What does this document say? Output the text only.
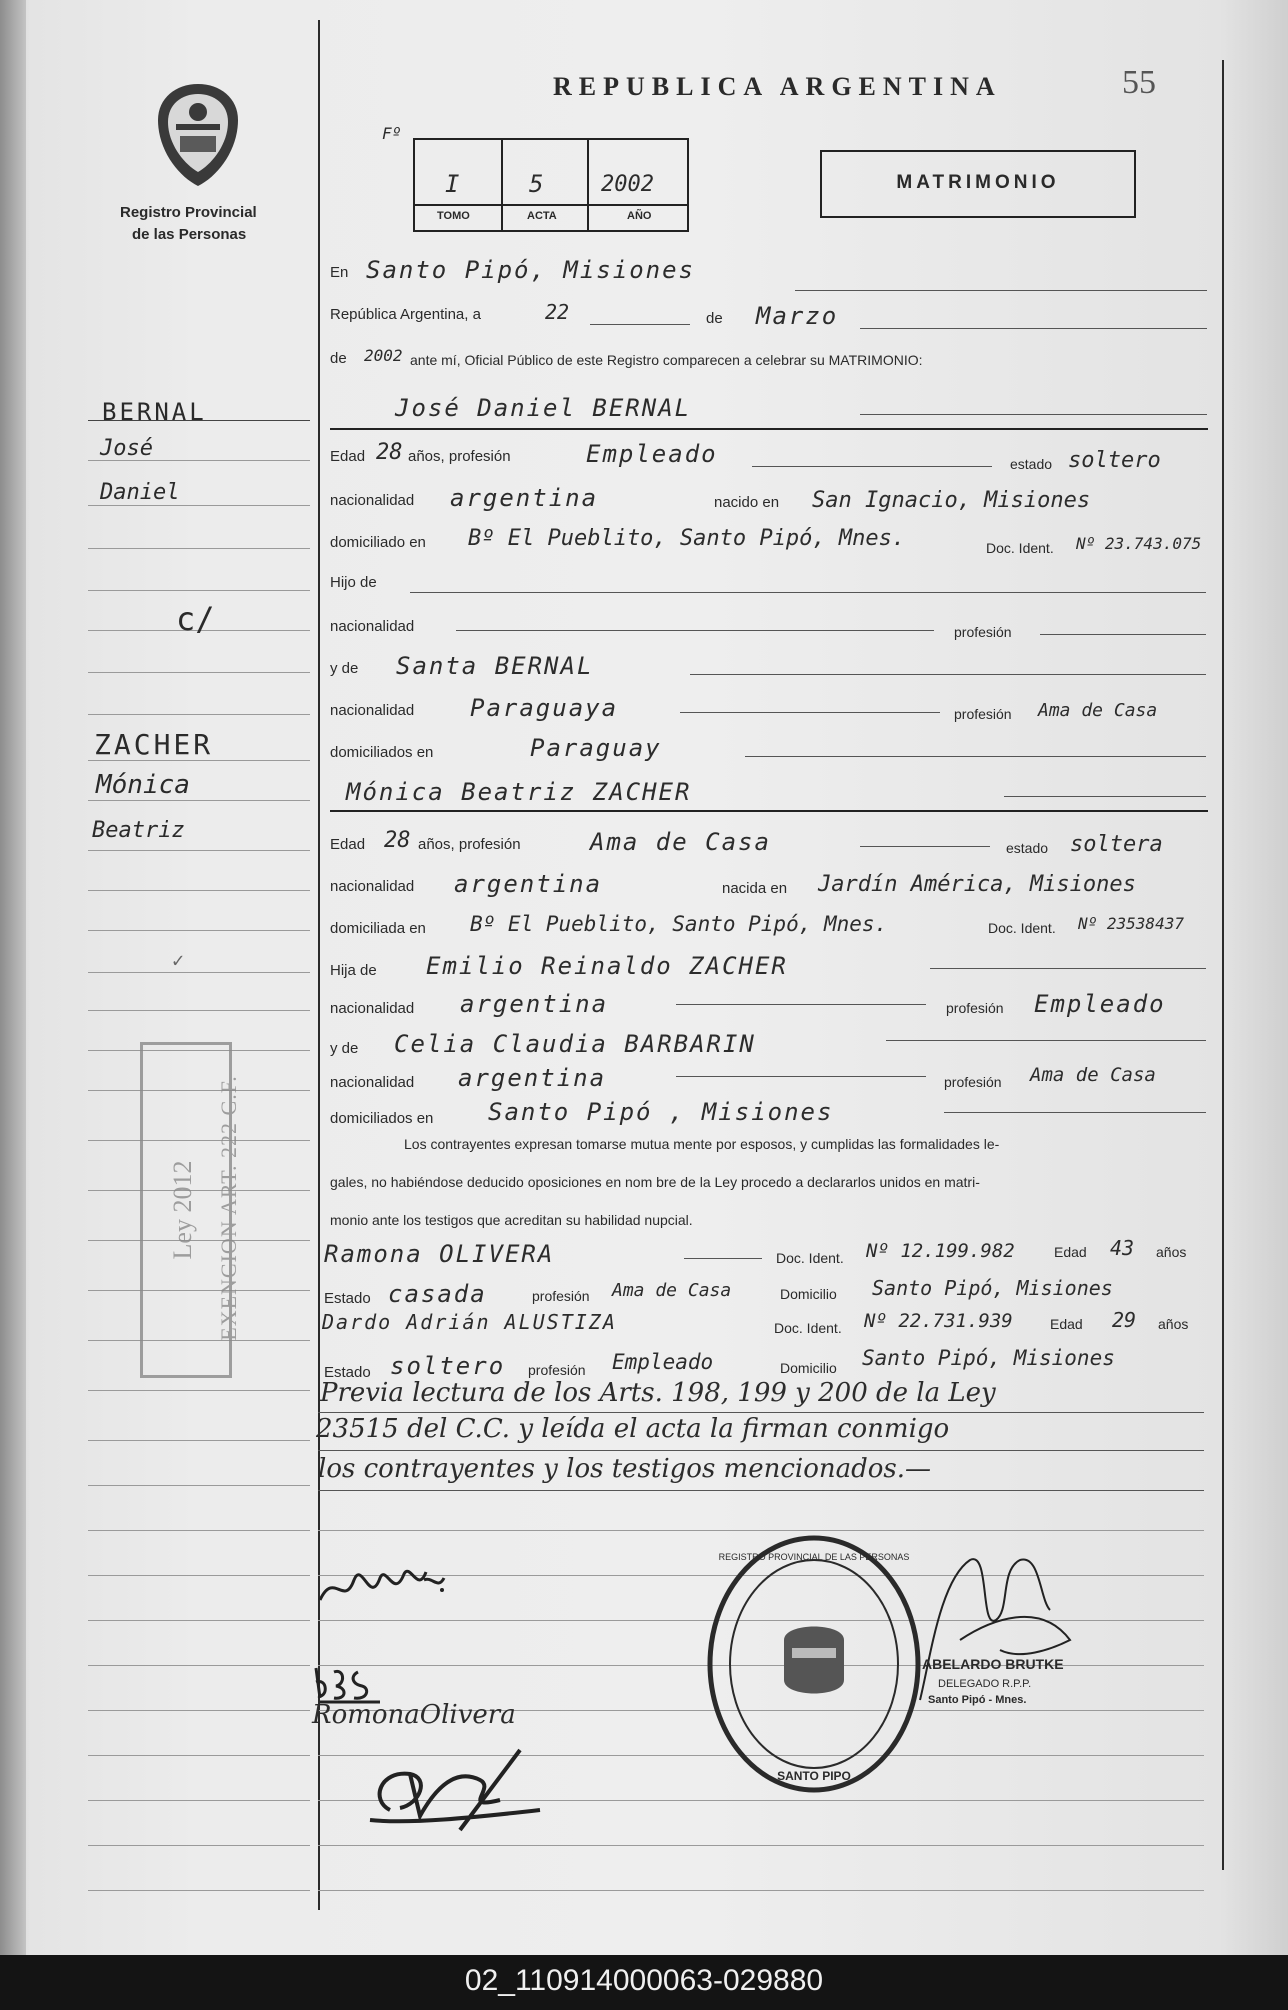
Registro Provincial
de las Personas
REPUBLICA ARGENTINA	55
Fº
I	5	2002
TOMO	ACTA	AÑO
MATRIMONIO
BERNAL
José
Daniel
c/
ZACHER
Mónica
Beatriz
✓
Ley 2012 EXENCION ART. 222 C.F.
En Santo Pipó, Misiones
República Argentina, a	22	de Marzo
de 2002 ante mí, Oficial Público de este Registro comparecen a celebrar su MATRIMONIO:
José Daniel BERNAL
Edad 28 años, profesión	Empleado	estado soltero
nacionalidad argentina	nacido en San Ignacio, Misiones
domiciliado en Bº El Pueblito, Santo Pipó, Mnes.	Doc. Ident. Nº 23.743.075
Hijo de
nacionalidad	profesión
y de Santa BERNAL
nacionalidad Paraguaya	profesión Ama de Casa
domiciliados en	Paraguay
Mónica Beatriz ZACHER
Edad 28 años, profesión	Ama de Casa	estado soltera
nacionalidad argentina	nacida en Jardín América, Misiones
domiciliada en Bº El Pueblito, Santo Pipó, Mnes.	Doc. Ident. Nº 23538437
Hija de Emilio Reinaldo ZACHER
nacionalidad argentina	profesión Empleado
y de Celia Claudia BARBARIN
nacionalidad argentina	profesión Ama de Casa
domiciliados en Santo Pipó , Misiones
Los contrayentes expresan tomarse mutua mente por esposos, y cumplidas las formalidades le-
gales, no habiéndose deducido oposiciones en nom bre de la Ley procedo a declararlos unidos en matri-
monio ante los testigos que acreditan su habilidad nupcial.
Ramona OLIVERA	Doc. Ident. Nº 12.199.982	Edad 43 años
Estado casada	profesión Ama de Casa	Domicilio Santo Pipó, Misiones
Dardo Adrián ALUSTIZA	Doc. Ident. Nº 22.731.939	Edad 29 años
Estado soltero profesión Empleado	Domicilio Santo Pipó, Misiones
Previa lectura de los Arts. 198, 199 y 200 de la Ley
23515 del C.C. y leída el acta la firman conmigo
los contrayentes y los testigos mencionados.—
RomonaOlivera
SANTO PIPO
REGISTRO PROVINCIAL DE LAS PERSONAS
ABELARDO BRUTKE
DELEGADO R.P.P.
Santo Pipó - Mnes.
02_110914000063-029880
